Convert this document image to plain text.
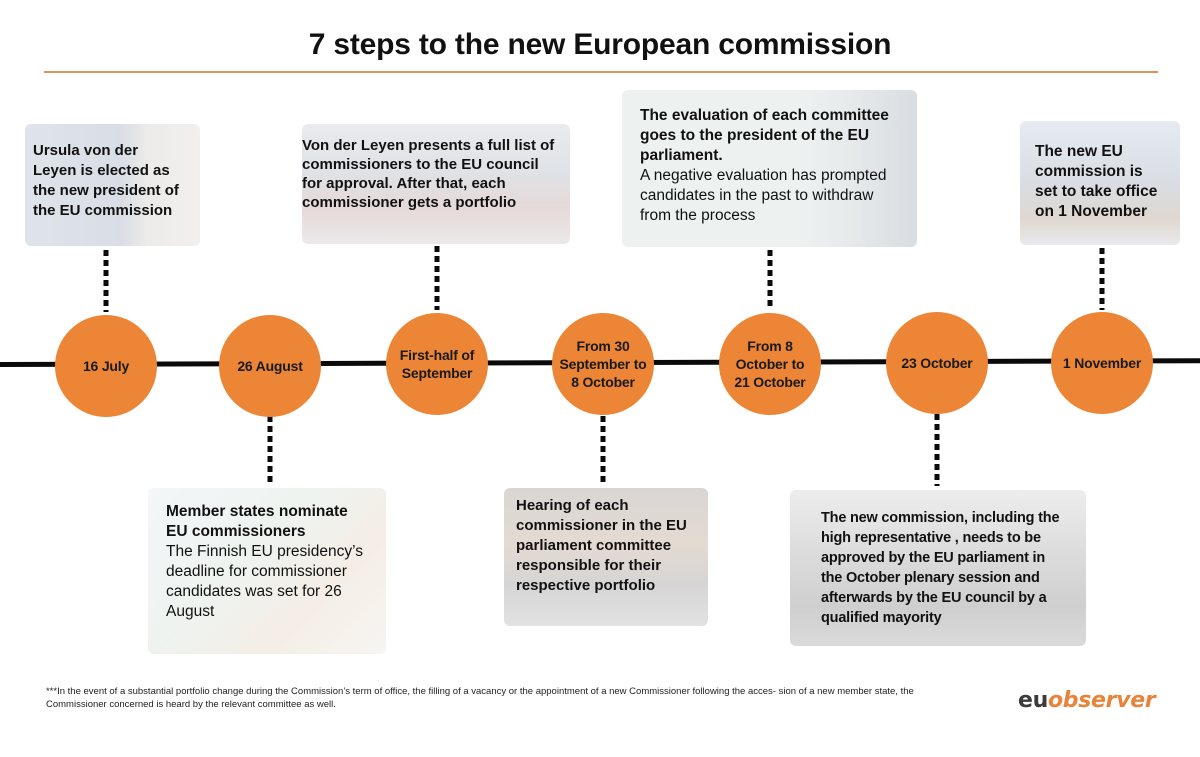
7 steps to the new European commission
16 July	26 August
First-half of September
From 30 September to 8 October
From 8 October to 21 October
23 October	1 November
Ursula von der Leyen is elected as the new president of the EU commission
Member states nominate EU commissioners
The Finnish EU presidency’s deadline for commissioner candidates was set for 26 August
Von der Leyen presents a full list of commissioners to the EU council for approval. After that, each commissioner gets a portfolio
Hearing of each commissioner in the EU parliament committee responsible for their respective portfolio
The evaluation of each committee goes to the president of the EU parliament.
A negative evaluation has prompted candidates in the past to withdraw from the process
The new commission, including the high representative , needs to be approved by the EU parliament in the October plenary session and afterwards by the EU council by a qualified mayority
The new EU commission is set to take office on 1 November
***In the event of a substantial portfolio change during the Commission’s term of office, the filling of a vacancy or the appointment of a new Commissioner following the acces- sion of a new member state, the Commissioner concerned is heard by the relevant committee as well.	euobserver
